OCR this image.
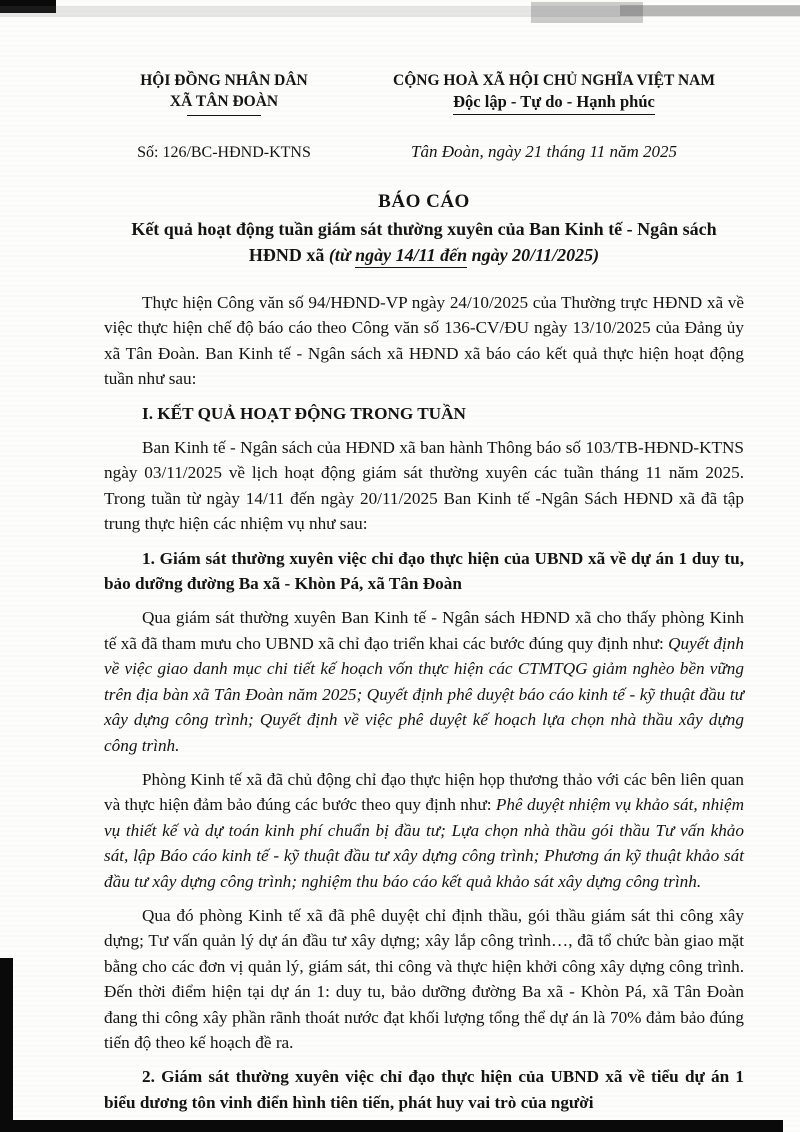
HỘI ĐỒNG NHÂN DÂN
XÃ TÂN ĐOÀN
CỘNG HOÀ XÃ HỘI CHỦ NGHĨA VIỆT NAM
Độc lập - Tự do - Hạnh phúc
Số: 126/BC-HĐND-KTNS	Tân Đoàn, ngày 21 tháng 11 năm 2025
BÁO CÁO
Kết quả hoạt động tuần giám sát thường xuyên của Ban Kinh tế - Ngân sách HĐND xã (từ ngày 14/11 đến ngày 20/11/2025)

Thực hiện Công văn số 94/HĐND-VP ngày 24/10/2025 của Thường trực HĐND xã về việc thực hiện chế độ báo cáo theo Công văn số 136-CV/ĐU ngày 13/10/2025 của Đảng ủy xã Tân Đoàn. Ban Kinh tế - Ngân sách xã HĐND xã báo cáo kết quả thực hiện hoạt động tuần như sau:

I. KẾT QUẢ HOẠT ĐỘNG TRONG TUẦN

Ban Kinh tế - Ngân sách của HĐND xã ban hành Thông báo số 103/TB-HĐND-KTNS ngày 03/11/2025 về lịch hoạt động giám sát thường xuyên các tuần tháng 11 năm 2025. Trong tuần từ ngày 14/11 đến ngày 20/11/2025 Ban Kinh tế -Ngân Sách HĐND xã đã tập trung thực hiện các nhiệm vụ như sau:

1. Giám sát thường xuyên việc chỉ đạo thực hiện của UBND xã về dự án 1 duy tu, bảo dưỡng đường Ba xã - Khòn Pá, xã Tân Đoàn

Qua giám sát thường xuyên Ban Kinh tế - Ngân sách HĐND xã cho thấy phòng Kinh tế xã đã tham mưu cho UBND xã chỉ đạo triển khai các bước đúng quy định như: Quyết định về việc giao danh mục chi tiết kế hoạch vốn thực hiện các CTMTQG giảm nghèo bền vững trên địa bàn xã Tân Đoàn năm 2025; Quyết định phê duyệt báo cáo kinh tế - kỹ thuật đầu tư xây dựng công trình; Quyết định về việc phê duyệt kế hoạch lựa chọn nhà thầu xây dựng công trình.

Phòng Kinh tế xã đã chủ động chỉ đạo thực hiện họp thương thảo với các bên liên quan và thực hiện đảm bảo đúng các bước theo quy định như: Phê duyệt nhiệm vụ khảo sát, nhiệm vụ thiết kế và dự toán kinh phí chuẩn bị đầu tư; Lựa chọn nhà thầu gói thầu Tư vấn khảo sát, lập Báo cáo kinh tế - kỹ thuật đầu tư xây dựng công trình; Phương án kỹ thuật khảo sát đầu tư xây dựng công trình; nghiệm thu báo cáo kết quả khảo sát xây dựng công trình.

Qua đó phòng Kinh tế xã đã phê duyệt chỉ định thầu, gói thầu giám sát thi công xây dựng; Tư vấn quản lý dự án đầu tư xây dựng; xây lắp công trình…, đã tổ chức bàn giao mặt bằng cho các đơn vị quản lý, giám sát, thi công và thực hiện khởi công xây dựng công trình. Đến thời điểm hiện tại dự án 1: duy tu, bảo dưỡng đường Ba xã - Khòn Pá, xã Tân Đoàn đang thi công xây phần rãnh thoát nước đạt khối lượng tổng thể dự án là 70% đảm bảo đúng tiến độ theo kế hoạch đề ra.

2. Giám sát thường xuyên việc chỉ đạo thực hiện của UBND xã về tiểu dự án 1 biểu dương tôn vinh điển hình tiên tiến, phát huy vai trò của người
